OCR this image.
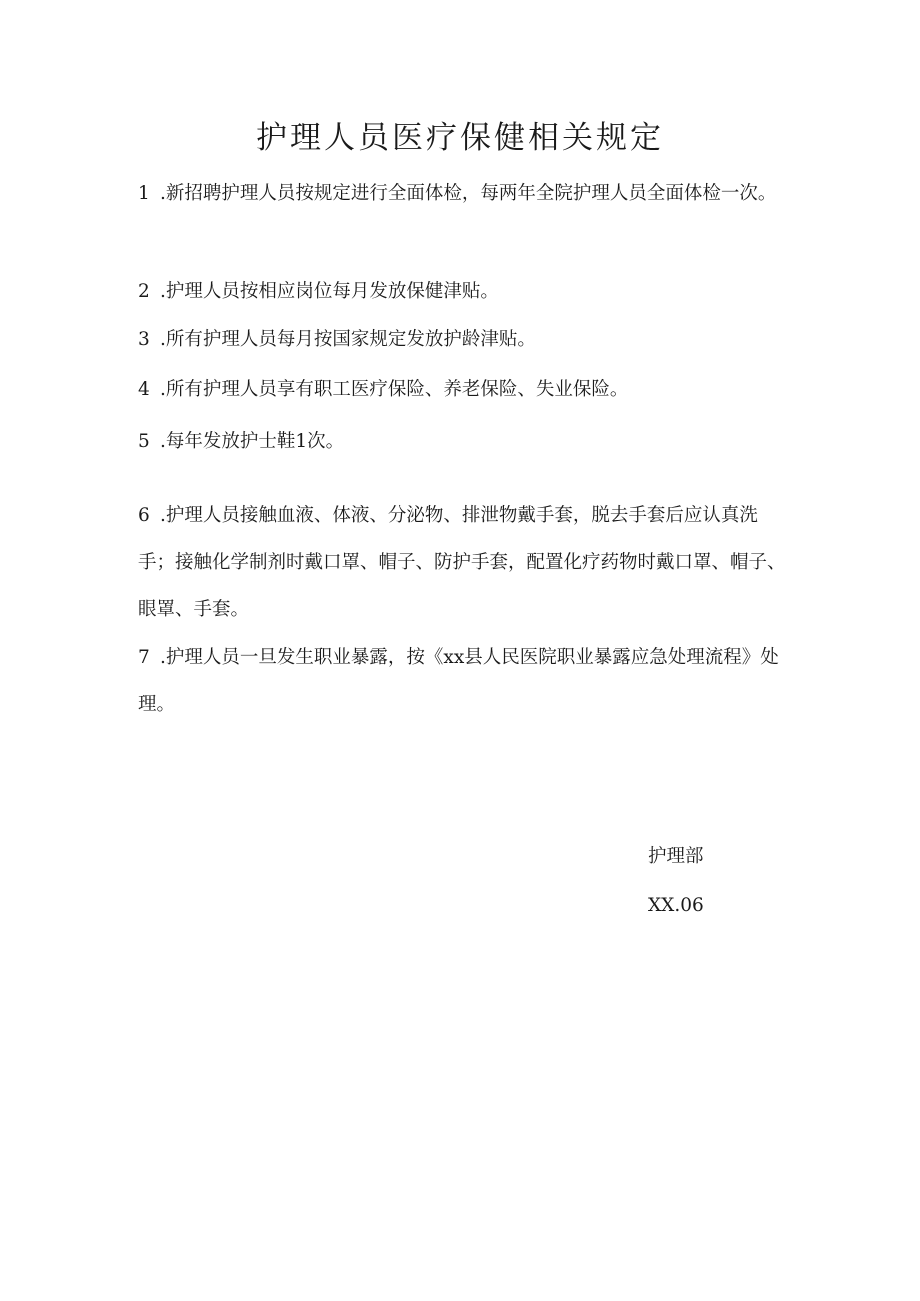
护理人员医疗保健相关规定

1 .新招聘护理人员按规定进行全面体检，每两年全院护理人员全面体检一次。

2 .护理人员按相应岗位每月发放保健津贴。

3 .所有护理人员每月按国家规定发放护龄津贴。

4 .所有护理人员享有职工医疗保险、养老保险、失业保险。

5 .每年发放护士鞋1次。

6 .护理人员接触血液、体液、分泌物、排泄物戴手套，脱去手套后应认真洗手；接触化学制剂时戴口罩、帽子、防护手套，配置化疗药物时戴口罩、帽子、眼罩、手套。

7 .护理人员一旦发生职业暴露，按《xx县人民医院职业暴露应急处理流程》处理。

护理部

XX.06
